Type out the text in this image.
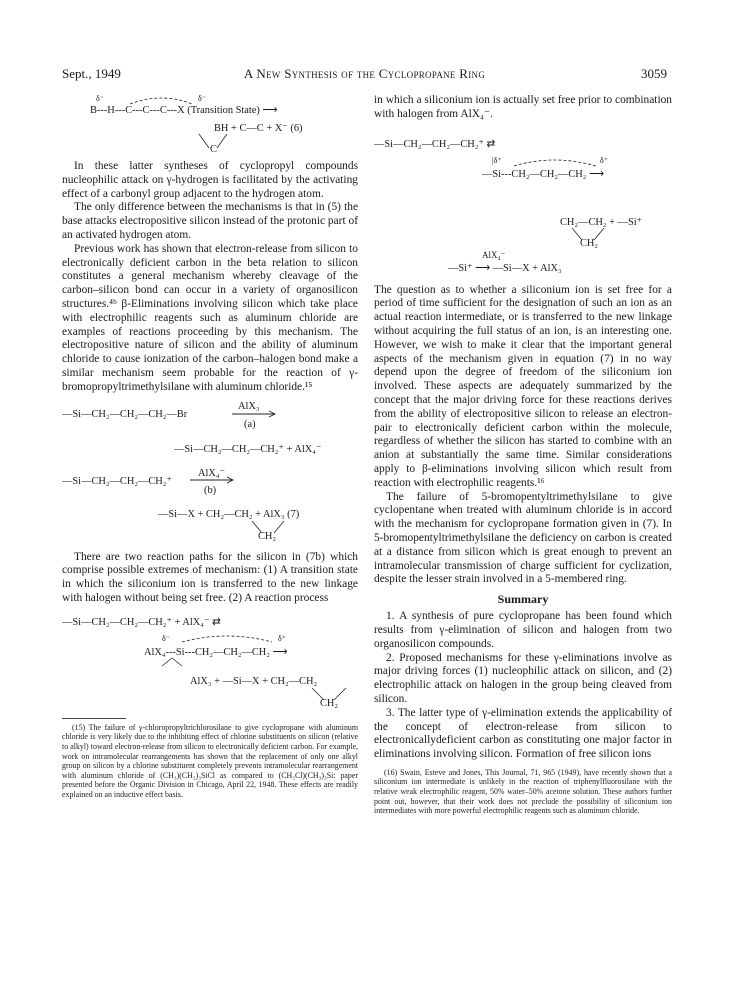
Sept., 1949	A New Synthesis of the Cyclopropane Ring	3059
δ⁻	δ⁻
B---H---C---C---C---X (Transition State) ⟶
BH + C—C + X⁻ (6)
C

In these latter syntheses of cyclopropyl compounds nucleophilic attack on γ-hydrogen is facilitated by the activating effect of a carbonyl group adjacent to the hydrogen atom.

The only difference between the mechanisms is that in (5) the base attacks electropositive silicon instead of the protonic part of an activated hydrogen atom.

Previous work has shown that electron-release from silicon to electronically deficient carbon in the beta relation to silicon constitutes a general mechanism whereby cleavage of the carbon–silicon bond can occur in a variety of organosilicon structures.⁴ᵇ β-Eliminations involving silicon which take place with electrophilic reagents such as aluminum chloride are examples of reactions proceeding by this mechanism. The electropositive nature of silicon and the ability of aluminum chloride to cause ionization of the carbon–halogen bond make a similar mechanism seem probable for the reaction of γ-bromopropyltrimethylsilane with aluminum chloride.¹⁵

AlX₃
—Si—CH₂—CH₂—CH₂—Br
(a)
—Si—CH₂—CH₂—CH₂⁺ + AlX₄⁻
AlX₄⁻
—Si—CH₂—CH₂—CH₂⁺
(b)
—Si—X + CH₂—CH₂ + AlX₃ (7)
CH₂

There are two reaction paths for the silicon in (7b) which comprise possible extremes of mechanism: (1) A transition state in which the siliconium ion is transferred to the new linkage with halogen without being set free. (2) A reaction process

—Si—CH₂—CH₂—CH₂⁺ + AlX₄⁻ ⇄
δ⁻	δ⁺
AlX₄---Si---CH₂—CH₂—CH₂ ⟶
AlX₃ + —Si—X + CH₂—CH₂
CH₂

(15) The failure of γ-chloropropyltrichlorosilane to give cyclopropane with aluminum chloride is very likely due to the inhibiting effect of chlorine substituents on silicon (relative to alkyl) toward electron-release from silicon to electronically deficient carbon. For example, work on intramolecular rearrangements has shown that the replacement of only one alkyl group on silicon by a chlorine substituent completely prevents intramolecular rearrangement with aluminum chloride of (CH₃)(CH₂)₃SiCl as compared to (CH₃Cl)(CH₃)₃Si: paper presented before the Organic Division in Chicago, April 22, 1948. These effects are readily explained on an inductive effect basis.

in which a siliconium ion is actually set free prior to combination with halogen from AlX₄⁻.

—Si—CH₂—CH₂—CH₂⁺ ⇄
|δ⁺	δ⁺
—Si---CH₂—CH₂—CH₂ ⟶
CH₂—CH₂ + —Si⁺
CH₂
AlX₄⁻
—Si⁺ ⟶ —Si—X + AlX₃

The question as to whether a siliconium ion is set free for a period of time sufficient for the designation of such an ion as an actual reaction intermediate, or is transferred to the new linkage without acquiring the full status of an ion, is an interesting one. However, we wish to make it clear that the important general aspects of the mechanism given in equation (7) in no way depend upon the degree of freedom of the siliconium ion involved. These aspects are adequately summarized by the concept that the major driving force for these reactions derives from the ability of electropositive silicon to release an electron-pair to electronically deficient carbon within the molecule, regardless of whether the silicon has started to combine with an anion at substantially the same time. Similar considerations apply to β-eliminations involving silicon which result from reaction with electrophilic reagents.¹⁶

The failure of 5-bromopentyltrimethylsilane to give cyclopentane when treated with aluminum chloride is in accord with the mechanism for cyclopropane formation given in (7). In 5-bromopentyltrimethylsilane the deficiency on carbon is created at a distance from silicon which is great enough to prevent an intramolecular transmission of charge sufficient for cyclization, despite the lesser strain involved in a 5-membered ring.

Summary

1. A synthesis of pure cyclopropane has been found which results from γ-elimination of silicon and halogen from two organosilicon compounds.

2. Proposed mechanisms for these γ-eliminations involve as major driving forces (1) nucleophilic attack on silicon, and (2) electrophilic attack on halogen in the group being cleaved from silicon.

3. The latter type of γ-elimination extends the applicability of the concept of electron-release from silicon to electronicallydeficient carbon as constituting one major factor in eliminations involving silicon. Formation of free silicon ions

(16) Swain, Esteve and Jones, This Journal, 71, 965 (1949), have recently shown that a siliconium ion intermediate is unlikely in the reaction of triphenylfluorosilane with the relative weak electrophilic reagent, 50% water–50% acetone solution. These authors further point out, however, that their work does not preclude the possibility of siliconium ion intermediates with more powerful electrophilic reagents such as aluminum chloride.
